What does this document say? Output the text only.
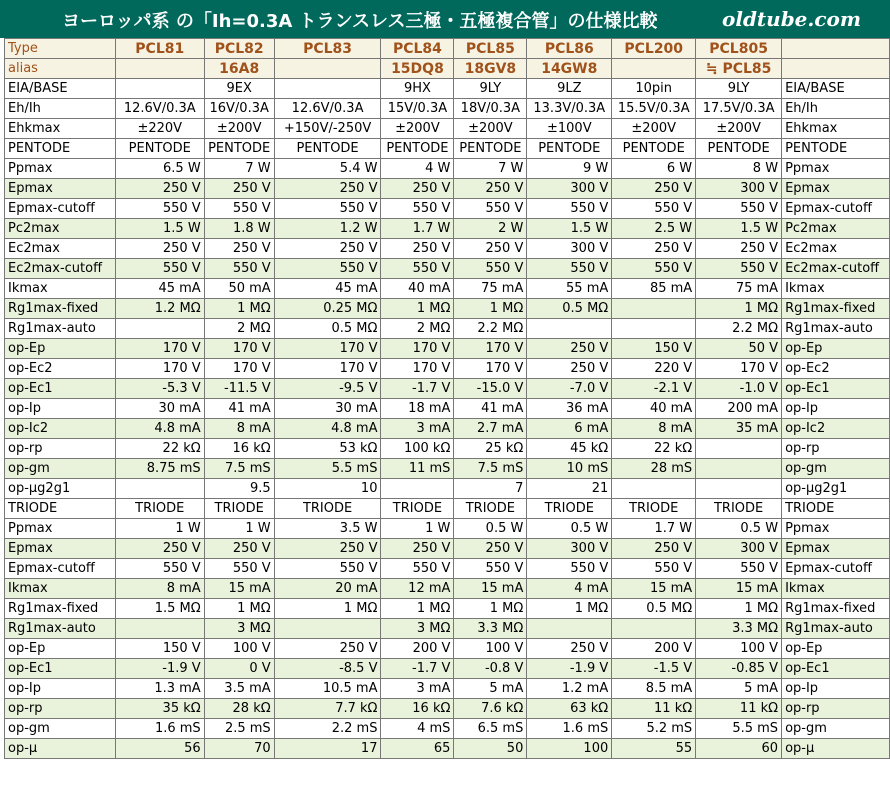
ヨーロッパ系 の「Ih=0.3A トランスレス三極・五極複合管」の仕様比較	oldtube.com
Type	PCL81	PCL82	PCL83	PCL84	PCL85	PCL86	PCL200	PCL805	
alias		16A8		15DQ8	18GV8	14GW8		≒ PCL85	
EIA/BASE		9EX		9HX	9LY	9LZ	10pin	9LY	EIA/BASE
Eh/Ih	12.6V/0.3A	16V/0.3A	12.6V/0.3A	15V/0.3A	18V/0.3A	13.3V/0.3A	15.5V/0.3A	17.5V/0.3A	Eh/Ih
Ehkmax	±220V	±200V	+150V/-250V	±200V	±200V	±100V	±200V	±200V	Ehkmax
PENTODE	PENTODE	PENTODE	PENTODE	PENTODE	PENTODE	PENTODE	PENTODE	PENTODE	PENTODE
Ppmax	6.5 W	7 W	5.4 W	4 W	7 W	9 W	6 W	8 W	Ppmax
Epmax	250 V	250 V	250 V	250 V	250 V	300 V	250 V	300 V	Epmax
Epmax-cutoff	550 V	550 V	550 V	550 V	550 V	550 V	550 V	550 V	Epmax-cutoff
Pc2max	1.5 W	1.8 W	1.2 W	1.7 W	2 W	1.5 W	2.5 W	1.5 W	Pc2max
Ec2max	250 V	250 V	250 V	250 V	250 V	300 V	250 V	250 V	Ec2max
Ec2max-cutoff	550 V	550 V	550 V	550 V	550 V	550 V	550 V	550 V	Ec2max-cutoff
Ikmax	45 mA	50 mA	45 mA	40 mA	75 mA	55 mA	85 mA	75 mA	Ikmax
Rg1max-fixed	1.2 MΩ	1 MΩ	0.25 MΩ	1 MΩ	1 MΩ	0.5 MΩ		1 MΩ	Rg1max-fixed
Rg1max-auto		2 MΩ	0.5 MΩ	2 MΩ	2.2 MΩ			2.2 MΩ	Rg1max-auto
op-Ep	170 V	170 V	170 V	170 V	170 V	250 V	150 V	50 V	op-Ep
op-Ec2	170 V	170 V	170 V	170 V	170 V	250 V	220 V	170 V	op-Ec2
op-Ec1	-5.3 V	-11.5 V	-9.5 V	-1.7 V	-15.0 V	-7.0 V	-2.1 V	-1.0 V	op-Ec1
op-Ip	30 mA	41 mA	30 mA	18 mA	41 mA	36 mA	40 mA	200 mA	op-Ip
op-Ic2	4.8 mA	8 mA	4.8 mA	3 mA	2.7 mA	6 mA	8 mA	35 mA	op-Ic2
op-rp	22 kΩ	16 kΩ	53 kΩ	100 kΩ	25 kΩ	45 kΩ	22 kΩ		op-rp
op-gm	8.75 mS	7.5 mS	5.5 mS	11 mS	7.5 mS	10 mS	28 mS		op-gm
op-μg2g1		9.5	10		7	21			op-μg2g1
TRIODE	TRIODE	TRIODE	TRIODE	TRIODE	TRIODE	TRIODE	TRIODE	TRIODE	TRIODE
Ppmax	1 W	1 W	3.5 W	1 W	0.5 W	0.5 W	1.7 W	0.5 W	Ppmax
Epmax	250 V	250 V	250 V	250 V	250 V	300 V	250 V	300 V	Epmax
Epmax-cutoff	550 V	550 V	550 V	550 V	550 V	550 V	550 V	550 V	Epmax-cutoff
Ikmax	8 mA	15 mA	20 mA	12 mA	15 mA	4 mA	15 mA	15 mA	Ikmax
Rg1max-fixed	1.5 MΩ	1 MΩ	1 MΩ	1 MΩ	1 MΩ	1 MΩ	0.5 MΩ	1 MΩ	Rg1max-fixed
Rg1max-auto		3 MΩ		3 MΩ	3.3 MΩ			3.3 MΩ	Rg1max-auto
op-Ep	150 V	100 V	250 V	200 V	100 V	250 V	200 V	100 V	op-Ep
op-Ec1	-1.9 V	0 V	-8.5 V	-1.7 V	-0.8 V	-1.9 V	-1.5 V	-0.85 V	op-Ec1
op-Ip	1.3 mA	3.5 mA	10.5 mA	3 mA	5 mA	1.2 mA	8.5 mA	5 mA	op-Ip
op-rp	35 kΩ	28 kΩ	7.7 kΩ	16 kΩ	7.6 kΩ	63 kΩ	11 kΩ	11 kΩ	op-rp
op-gm	1.6 mS	2.5 mS	2.2 mS	4 mS	6.5 mS	1.6 mS	5.2 mS	5.5 mS	op-gm
op-μ	56	70	17	65	50	100	55	60	op-μ
